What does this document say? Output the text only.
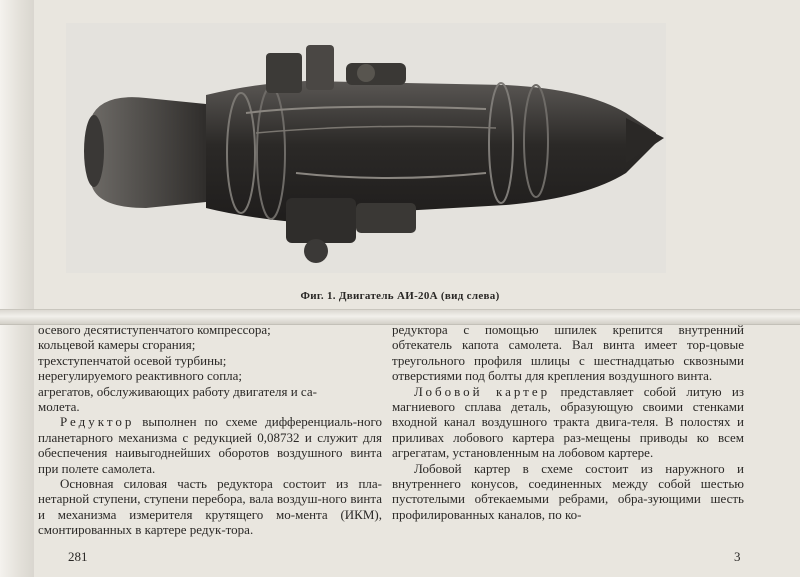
Фиг. 1. Двигатель АИ-20А (вид слева)

осевого десятиступенчатого компрессора;

кольцевой камеры сгорания;

трехступенчатой осевой турбины;

нерегулируемого реактивного сопла;

агрегатов, обслуживающих работу двигателя и са-

молета.

Редуктор выполнен по схеме дифференциаль-ного планетарного механизма с редукцией 0,08732 и служит для обеспечения наивыгоднейших оборотов воздушного винта при полете самолета.

Основная силовая часть редуктора состоит из пла-нетарной ступени, ступени перебора, вала воздуш-ного винта и механизма измерителя крутящего мо-мента (ИКМ), смонтированных в картере редук-тора.

редуктора с помощью шпилек крепится внутренний обтекатель капота самолета. Вал винта имеет тор-цовые треугольного профиля шлицы с шестнадцатью сквозными отверстиями под болты для крепления воздушного винта.

Лобовой картер представляет собой литую из магниевого сплава деталь, образующую своими стенками входной канал воздушного тракта двига-теля. В полостях и приливах лобового картера раз-мещены приводы ко всем агрегатам, установленным на лобовом картере.

Лобовой картер в схеме состоит из наружного и внутреннего конусов, соединенных между собой шестью пустотелыми обтекаемыми ребрами, обра-зующими шесть профилированных каналов, по ко-

281	3
